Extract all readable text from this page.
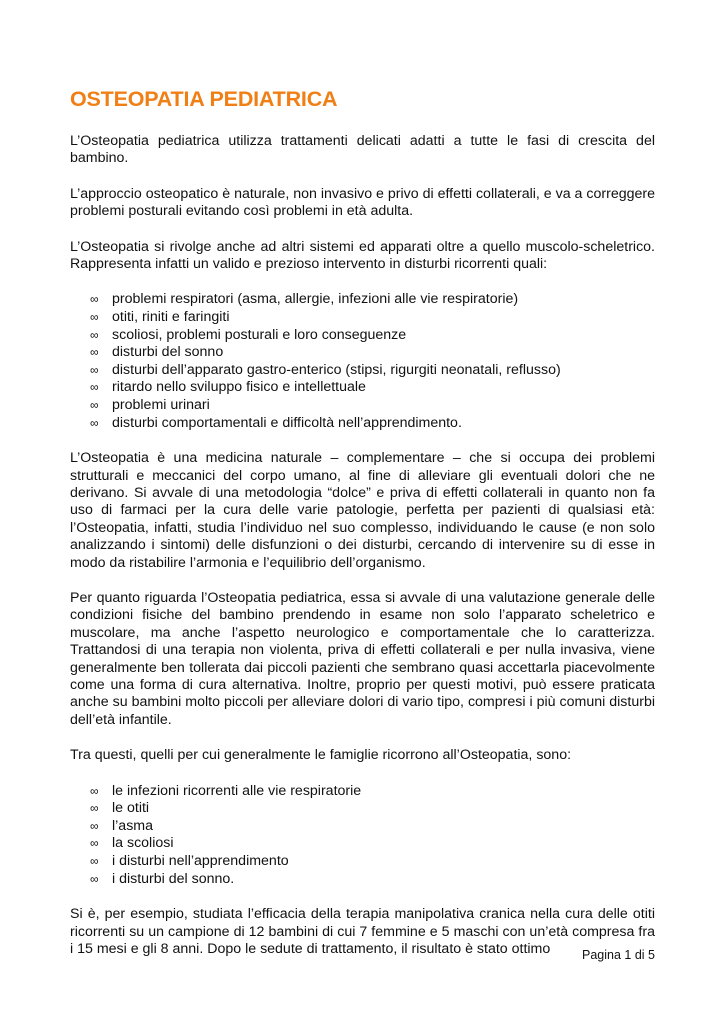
OSTEOPATIA PEDIATRICA

L’Osteopatia pediatrica utilizza trattamenti delicati adatti a tutte le fasi di crescita del bambino.

L’approccio osteopatico è naturale, non invasivo e privo di effetti collaterali, e va a correggere problemi posturali evitando così problemi in età adulta.

L’Osteopatia si rivolge anche ad altri sistemi ed apparati oltre a quello muscolo-scheletrico. Rappresenta infatti un valido e prezioso intervento in disturbi ricorrenti quali:

∞ problemi respiratori (asma, allergie, infezioni alle vie respiratorie)
∞ otiti, riniti e faringiti
∞ scoliosi, problemi posturali e loro conseguenze
∞ disturbi del sonno
∞ disturbi dell’apparato gastro-enterico (stipsi, rigurgiti neonatali, reflusso)
∞ ritardo nello sviluppo fisico e intellettuale
∞ problemi urinari
∞ disturbi comportamentali e difficoltà nell’apprendimento.

L’Osteopatia è una medicina naturale – complementare – che si occupa dei problemi strutturali e meccanici del corpo umano, al fine di alleviare gli eventuali dolori che ne derivano. Si avvale di una metodologia “dolce” e priva di effetti collaterali in quanto non fa uso di farmaci per la cura delle varie patologie, perfetta per pazienti di qualsiasi età: l’Osteopatia, infatti, studia l’individuo nel suo complesso, individuando le cause (e non solo analizzando i sintomi) delle disfunzioni o dei disturbi, cercando di intervenire su di esse in modo da ristabilire l’armonia e l’equilibrio dell’organismo.

Per quanto riguarda l’Osteopatia pediatrica, essa si avvale di una valutazione generale delle condizioni fisiche del bambino prendendo in esame non solo l’apparato scheletrico e muscolare, ma anche l’aspetto neurologico e comportamentale che lo caratterizza. Trattandosi di una terapia non violenta, priva di effetti collaterali e per nulla invasiva, viene generalmente ben tollerata dai piccoli pazienti che sembrano quasi accettarla piacevolmente come una forma di cura alternativa. Inoltre, proprio per questi motivi, può essere praticata anche su bambini molto piccoli per alleviare dolori di vario tipo, compresi i più comuni disturbi dell’età infantile.

Tra questi, quelli per cui generalmente le famiglie ricorrono all’Osteopatia, sono:

∞ le infezioni ricorrenti alle vie respiratorie
∞ le otiti
∞ l’asma
∞ la scoliosi
∞ i disturbi nell’apprendimento
∞ i disturbi del sonno.

Si è, per esempio, studiata l’efficacia della terapia manipolativa cranica nella cura delle otiti ricorrenti su un campione di 12 bambini di cui 7 femmine e 5 maschi con un’età compresa fra i 15 mesi e gli 8 anni. Dopo le sedute di trattamento, il risultato è stato ottimo	Pagina 1 di 5
